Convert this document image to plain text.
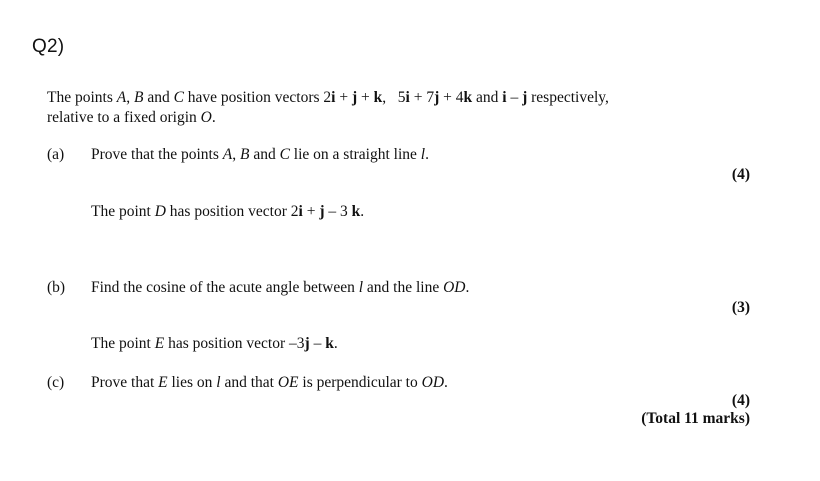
Q2)
The points A, B and C have position vectors 2i + j + k,   5i + 7j + 4k and i – j respectively,
relative to a fixed origin O.
(a) Prove that the points A, B and C lie on a straight line l.
(4)
The point D has position vector 2i + j – 3 k.
(b) Find the cosine of the acute angle between l and the line OD.
(3)
The point E has position vector –3j – k.
(c) Prove that E lies on l and that OE is perpendicular to OD.
(4)
(Total 11 marks)
